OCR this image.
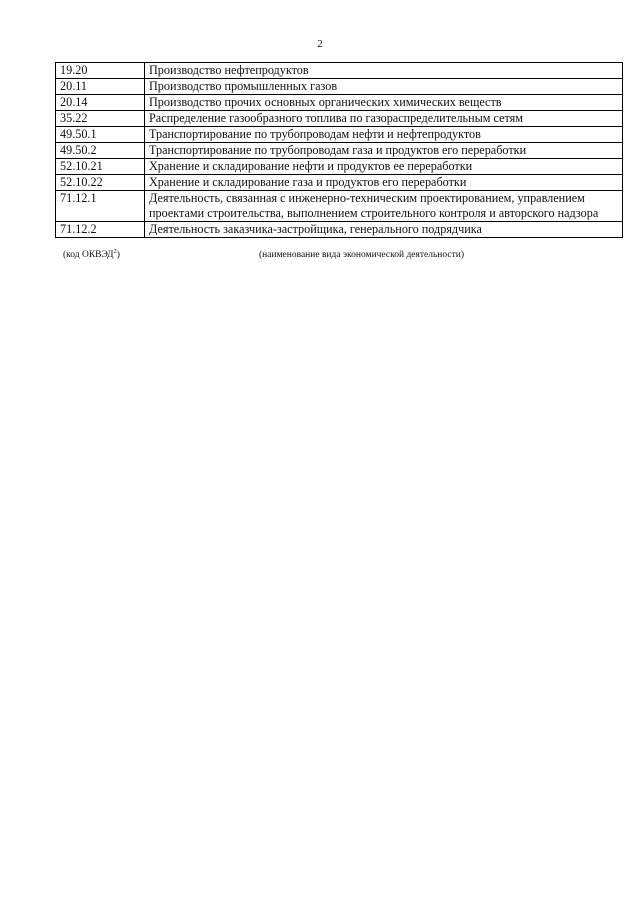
2
19.20	Производство нефтепродуктов
20.11	Производство промышленных газов
20.14	Производство прочих основных органических химических веществ
35.22	Распределение газообразного топлива по газораспределительным сетям
49.50.1	Транспортирование по трубопроводам нефти и нефтепродуктов
49.50.2	Транспортирование по трубопроводам газа и продуктов его переработки
52.10.21	Хранение и складирование нефти и продуктов ее переработки
52.10.22	Хранение и складирование газа и продуктов его переработки
71.12.1	Деятельность, связанная с инженерно-техническим проектированием, управлением проектами строительства, выполнением строительного контроля и авторского надзора
71.12.2	Деятельность заказчика-застройщика, генерального подрядчика
(код ОКВЭД$^2$)	(наименование вида экономической деятельности)
